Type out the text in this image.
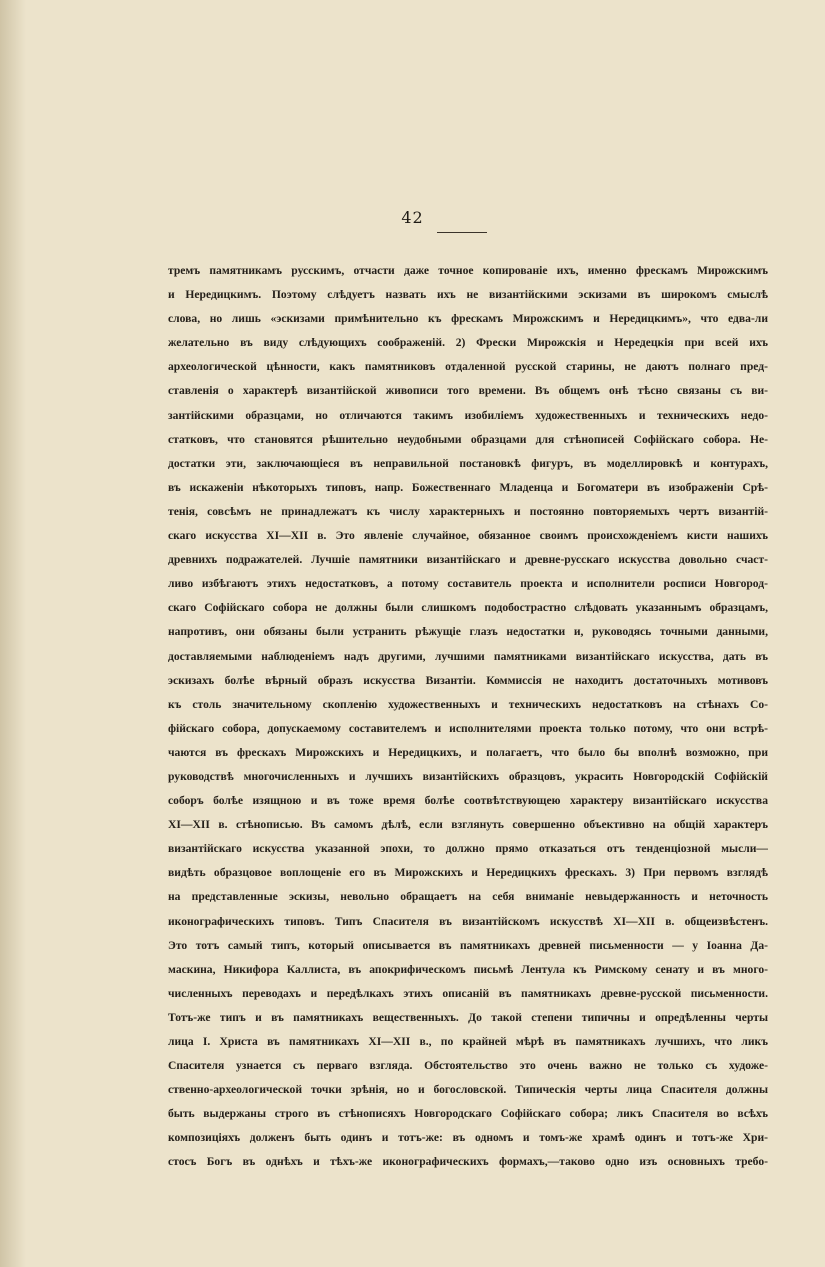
42
тремъ памятникамъ русскимъ, отчасти даже точное копированіе ихъ, именно фрескамъ Мирожскимъ
и Нередицкимъ. Поэтому слѣдуетъ назвать ихъ не византійскими эскизами въ широкомъ смыслѣ
слова, но лишь «эскизами примѣнительно къ фрескамъ Мирожскимъ и Нередицкимъ», что едва-ли
желательно въ виду слѣдующихъ соображеній. 2) Фрески Мирожскія и Нередецкія при всей ихъ
археологической цѣнности, какъ памятниковъ отдаленной русской старины, не даютъ полнаго пред-
ставленія о характерѣ византійской живописи того времени. Въ общемъ онѣ тѣсно связаны съ ви-
зантійскими образцами, но отличаются такимъ изобиліемъ художественныхъ и техническихъ недо-
статковъ, что становятся рѣшительно неудобными образцами для стѣнописей Софійскаго собора. Не-
достатки эти, заключающіеся въ неправильной постановкѣ фигуръ, въ моделлировкѣ и контурахъ,
въ искаженіи нѣкоторыхъ типовъ, напр. Божественнаго Младенца и Богоматери въ изображеніи Срѣ-
тенія, совсѣмъ не принадлежатъ къ числу характерныхъ и постоянно повторяемыхъ чертъ византій-
скаго искусства XI—XII в. Это явленіе случайное, обязанное своимъ происхожденіемъ кисти нашихъ
древнихъ подражателей. Лучшіе памятники византійскаго и древне-русскаго искусства довольно счаст-
ливо избѣгаютъ этихъ недостатковъ, а потому составитель проекта и исполнители росписи Новгород-
скаго Софійскаго собора не должны были слишкомъ подобострастно слѣдовать указаннымъ образцамъ,
напротивъ, они обязаны были устранить рѣжущіе глазъ недостатки и, руководясь точными данными,
доставляемыми наблюденіемъ надъ другими, лучшими памятниками византійскаго искусства, дать въ
эскизахъ болѣе вѣрный образъ искусства Византіи. Коммиссія не находитъ достаточныхъ мотивовъ
къ столь значительному скопленію художественныхъ и техническихъ недостатковъ на стѣнахъ Со-
фійскаго собора, допускаемому составителемъ и исполнителями проекта только потому, что они встрѣ-
чаются въ фрескахъ Мирожскихъ и Нередицкихъ, и полагаетъ, что было бы вполнѣ возможно, при
руководствѣ многочисленныхъ и лучшихъ византійскихъ образцовъ, украсить Новгородскій Софійскій
соборъ болѣе изящною и въ тоже время болѣе соотвѣтствующею характеру византійскаго искусства
XI—XII в. стѣнописью. Въ самомъ дѣлѣ, если взглянуть совершенно объективно на общій характеръ
византійскаго искусства указанной эпохи, то должно прямо отказаться отъ тенденціозной мысли—
видѣть образцовое воплощеніе его въ Мирожскихъ и Нередицкихъ фрескахъ. 3) При первомъ взглядѣ
на представленные эскизы, невольно обращаетъ на себя вниманіе невыдержанность и неточность
иконографическихъ типовъ. Типъ Спасителя въ византійскомъ искусствѣ XI—XII в. общеизвѣстенъ.
Это тотъ самый типъ, который описывается въ памятникахъ древней письменности — у Іоанна Да-
маскина, Никифора Каллиста, въ апокрифическомъ письмѣ Лентула къ Римскому сенату и въ много-
численныхъ переводахъ и передѣлкахъ этихъ описаній въ памятникахъ древне-русской письменности.
Тотъ-же типъ и въ памятникахъ вещественныхъ. До такой степени типичны и опредѣленны черты
лица І. Христа въ памятникахъ XI—XII в., по крайней мѣрѣ въ памятникахъ лучшихъ, что ликъ
Спасителя узнается съ перваго взгляда. Обстоятельство это очень важно не только съ художе-
ственно-археологической точки зрѣнія, но и богословской. Типическія черты лица Спасителя должны
быть выдержаны строго въ стѣнописяхъ Новгородскаго Софійскаго собора; ликъ Спасителя во всѣхъ
композиціяхъ долженъ быть одинъ и тотъ-же: въ одномъ и томъ-же храмѣ одинъ и тотъ-же Хри-
стосъ Богъ въ однѣхъ и тѣхъ-же иконографическихъ формахъ,—таково одно изъ основныхъ требо-
